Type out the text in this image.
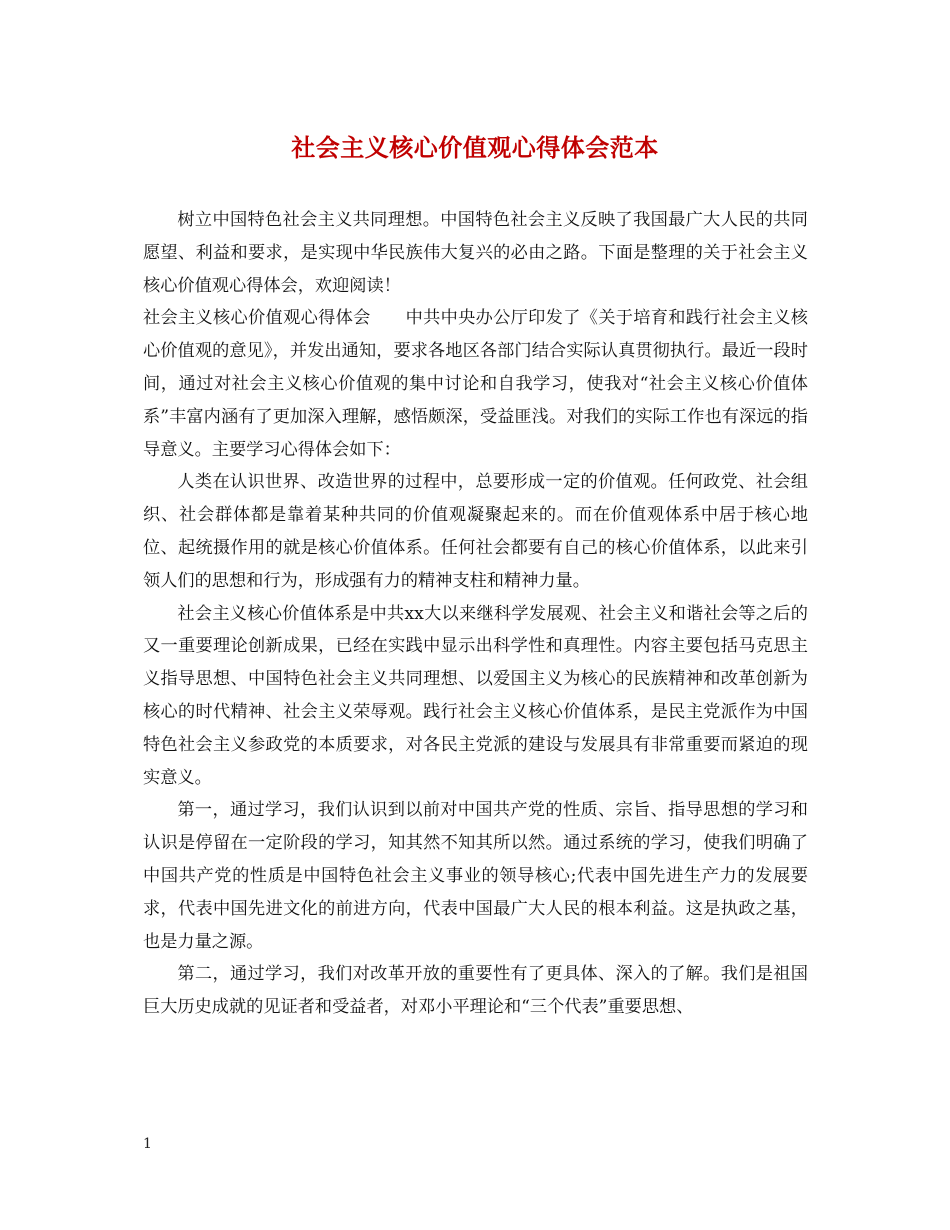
社会主义核心价值观心得体会范本

树立中国特色社会主义共同理想。中国特色社会主义反映了我国最广大人民的共同愿望、利益和要求，是实现中华民族伟大复兴的必由之路。下面是整理的关于社会主义核心价值观心得体会，欢迎阅读！

社会主义核心价值观心得体会　　中共中央办公厅印发了《关于培育和践行社会主义核心价值观的意见》，并发出通知，要求各地区各部门结合实际认真贯彻执行。最近一段时间，通过对社会主义核心价值观的集中讨论和自我学习，使我对“社会主义核心价值体系”丰富内涵有了更加深入理解，感悟颇深，受益匪浅。对我们的实际工作也有深远的指导意义。主要学习心得体会如下：

人类在认识世界、改造世界的过程中，总要形成一定的价值观。任何政党、社会组织、社会群体都是靠着某种共同的价值观凝聚起来的。而在价值观体系中居于核心地位、起统摄作用的就是核心价值体系。任何社会都要有自己的核心价值体系，以此来引领人们的思想和行为，形成强有力的精神支柱和精神力量。

社会主义核心价值体系是中共xx大以来继科学发展观、社会主义和谐社会等之后的又一重要理论创新成果，已经在实践中显示出科学性和真理性。内容主要包括马克思主义指导思想、中国特色社会主义共同理想、以爱国主义为核心的民族精神和改革创新为核心的时代精神、社会主义荣辱观。践行社会主义核心价值体系，是民主党派作为中国特色社会主义参政党的本质要求，对各民主党派的建设与发展具有非常重要而紧迫的现实意义。

第一，通过学习，我们认识到以前对中国共产党的性质、宗旨、指导思想的学习和认识是停留在一定阶段的学习，知其然不知其所以然。通过系统的学习，使我们明确了中国共产党的性质是中国特色社会主义事业的领导核心;代表中国先进生产力的发展要求，代表中国先进文化的前进方向，代表中国最广大人民的根本利益。这是执政之基，也是力量之源。

第二，通过学习，我们对改革开放的重要性有了更具体、深入的了解。我们是祖国巨大历史成就的见证者和受益者，对邓小平理论和“三个代表”重要思想、

1
